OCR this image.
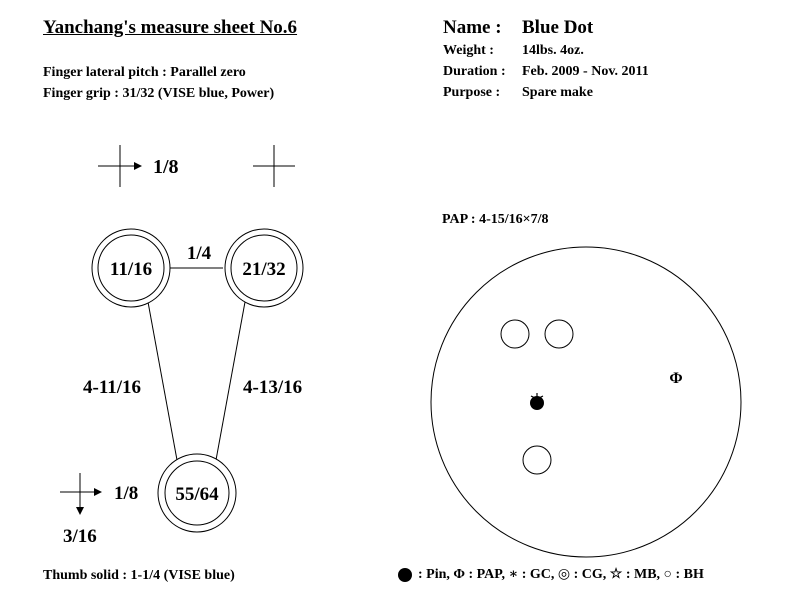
Yanchang's measure sheet No.6
Finger lateral pitch : Parallel zero
Finger grip : 31/32 (VISE blue, Power)
Thumb solid : 1-1/4 (VISE blue)
Name : Blue Dot
Weight : 14lbs. 4oz.
Duration : Feb. 2009 - Nov. 2011
Purpose : Spare make
PAP : 4-15/16×7/8
1/8
11/16	21/32
1/4
4-11/16	4-13/16
55/64
1/8
3/16
Φ
: Pin, Φ : PAP, ∗ : GC, ◎ : CG, ☆ : MB, ○ : BH
